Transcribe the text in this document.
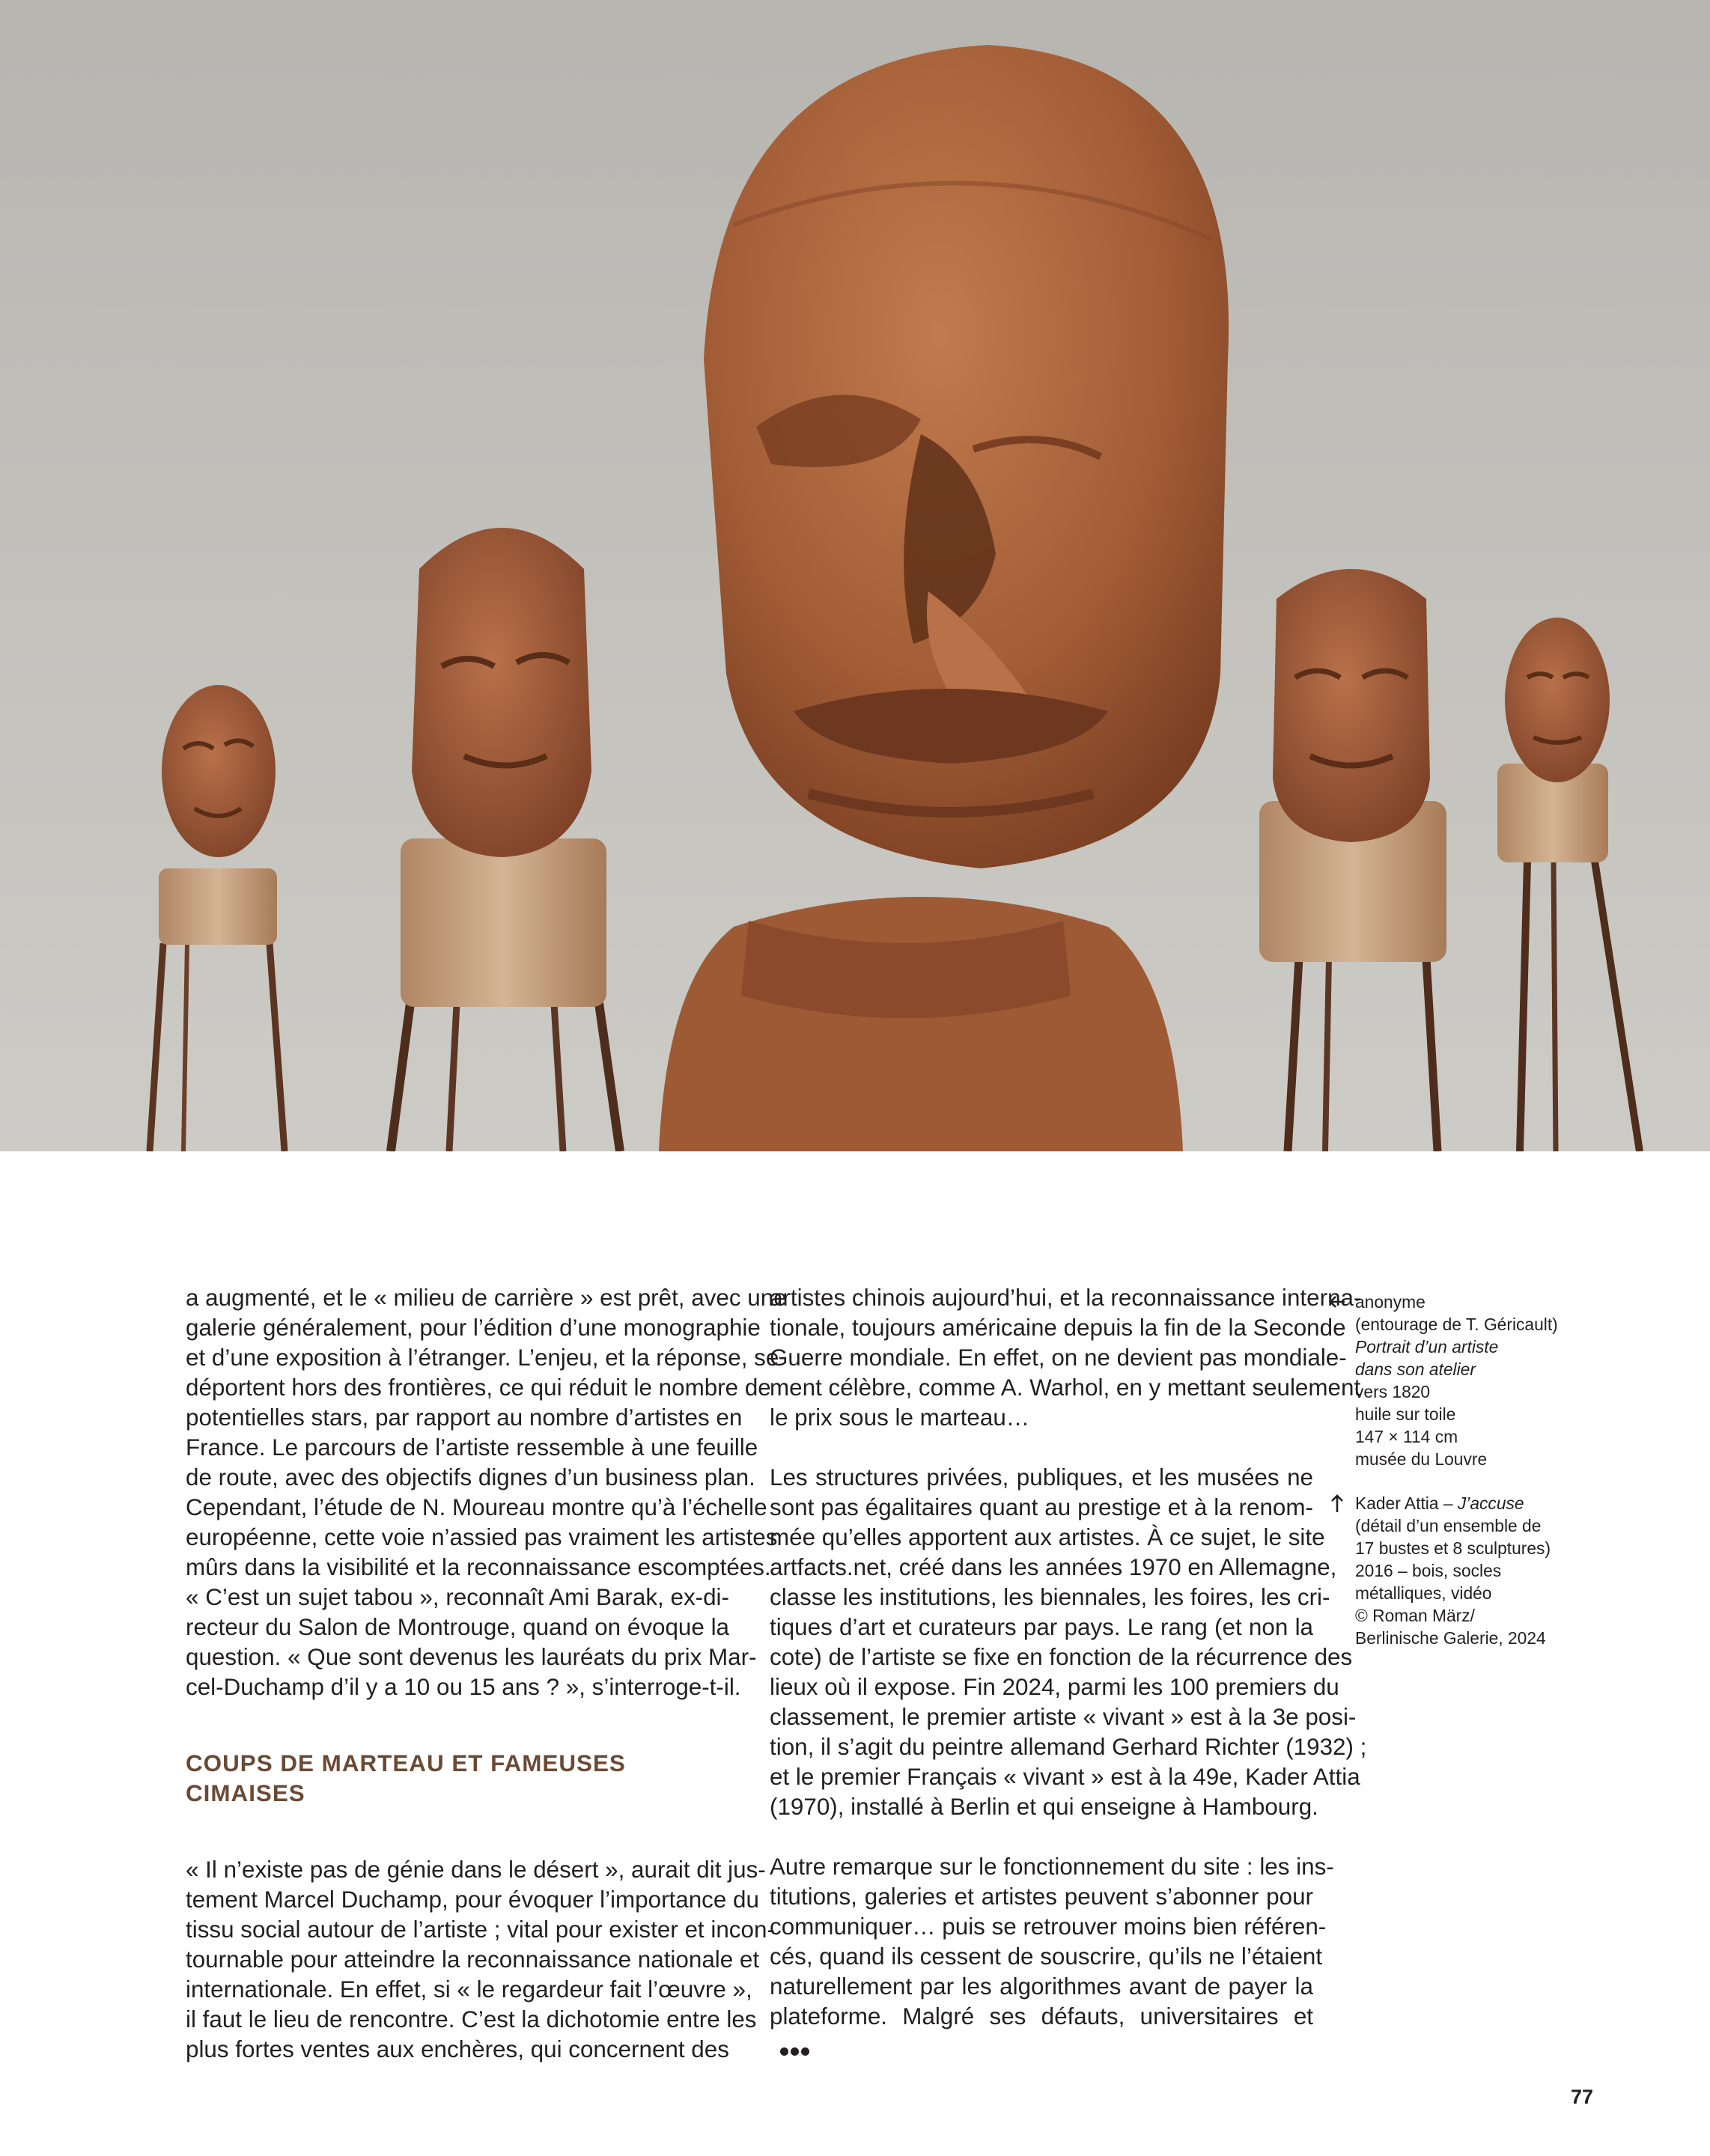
a augmenté, et le « milieu de carrière » est prêt, avec une
galerie généralement, pour l’édition d’une monographie
et d’une exposition à l’étranger. L’enjeu, et la réponse, se
déportent hors des frontières, ce qui réduit le nombre de
potentielles stars, par rapport au nombre d’artistes en
France. Le parcours de l’artiste ressemble à une feuille
de route, avec des objectifs dignes d’un business plan.
Cependant, l’étude de N. Moureau montre qu’à l’échelle
européenne, cette voie n’assied pas vraiment les artistes
mûrs dans la visibilité et la reconnaissance escomptées.
« C’est un sujet tabou », reconnaît Ami Barak, ex-di-
recteur du Salon de Montrouge, quand on évoque la
question. « Que sont devenus les lauréats du prix Mar-
cel-Duchamp d’il y a 10 ou 15 ans ? », s’interroge-t-il.

COUPS DE MARTEAU ET FAMEUSES
CIMAISES

« Il n’existe pas de génie dans le désert », aurait dit jus-
tement Marcel Duchamp, pour évoquer l’importance du
tissu social autour de l’artiste ; vital pour exister et incon-
tournable pour atteindre la reconnaissance nationale et
internationale. En effet, si « le regardeur fait l’œuvre »,
il faut le lieu de rencontre. C’est la dichotomie entre les
plus fortes ventes aux enchères, qui concernent des

artistes chinois aujourd’hui, et la reconnaissance interna-
tionale, toujours américaine depuis la fin de la Seconde
Guerre mondiale. En effet, on ne devient pas mondiale-
ment célèbre, comme A. Warhol, en y mettant seulement
le prix sous le marteau…

Les structures privées, publiques, et les musées ne
sont pas égalitaires quant au prestige et à la renom-
mée qu’elles apportent aux artistes. À ce sujet, le site
artfacts.net, créé dans les années 1970 en Allemagne,
classe les institutions, les biennales, les foires, les cri-
tiques d’art et curateurs par pays. Le rang (et non la
cote) de l’artiste se fixe en fonction de la récurrence des
lieux où il expose. Fin 2024, parmi les 100 premiers du
classement, le premier artiste « vivant » est à la 3e posi-
tion, il s’agit du peintre allemand Gerhard Richter (1932) ;
et le premier Français « vivant » est à la 49e, Kader Attia
(1970), installé à Berlin et qui enseigne à Hambourg.

Autre remarque sur le fonctionnement du site : les ins-
titutions, galeries et artistes peuvent s’abonner pour
communiquer… puis se retrouver moins bien référen-
cés, quand ils cessent de souscrire, qu’ils ne l’étaient
naturellement par les algorithmes avant de payer la
plateforme. Malgré ses défauts, universitaires et

anonyme
(entourage de T. Géricault)
Portrait d’un artiste
dans son atelier
vers 1820
huile sur toile
147 × 114 cm
musée du Louvre
Kader Attia – J’accuse
(détail d’un ensemble de
17 bustes et 8 sculptures)
2016 – bois, socles
métalliques, vidéo
© Roman März/
Berlinische Galerie, 2024
77
